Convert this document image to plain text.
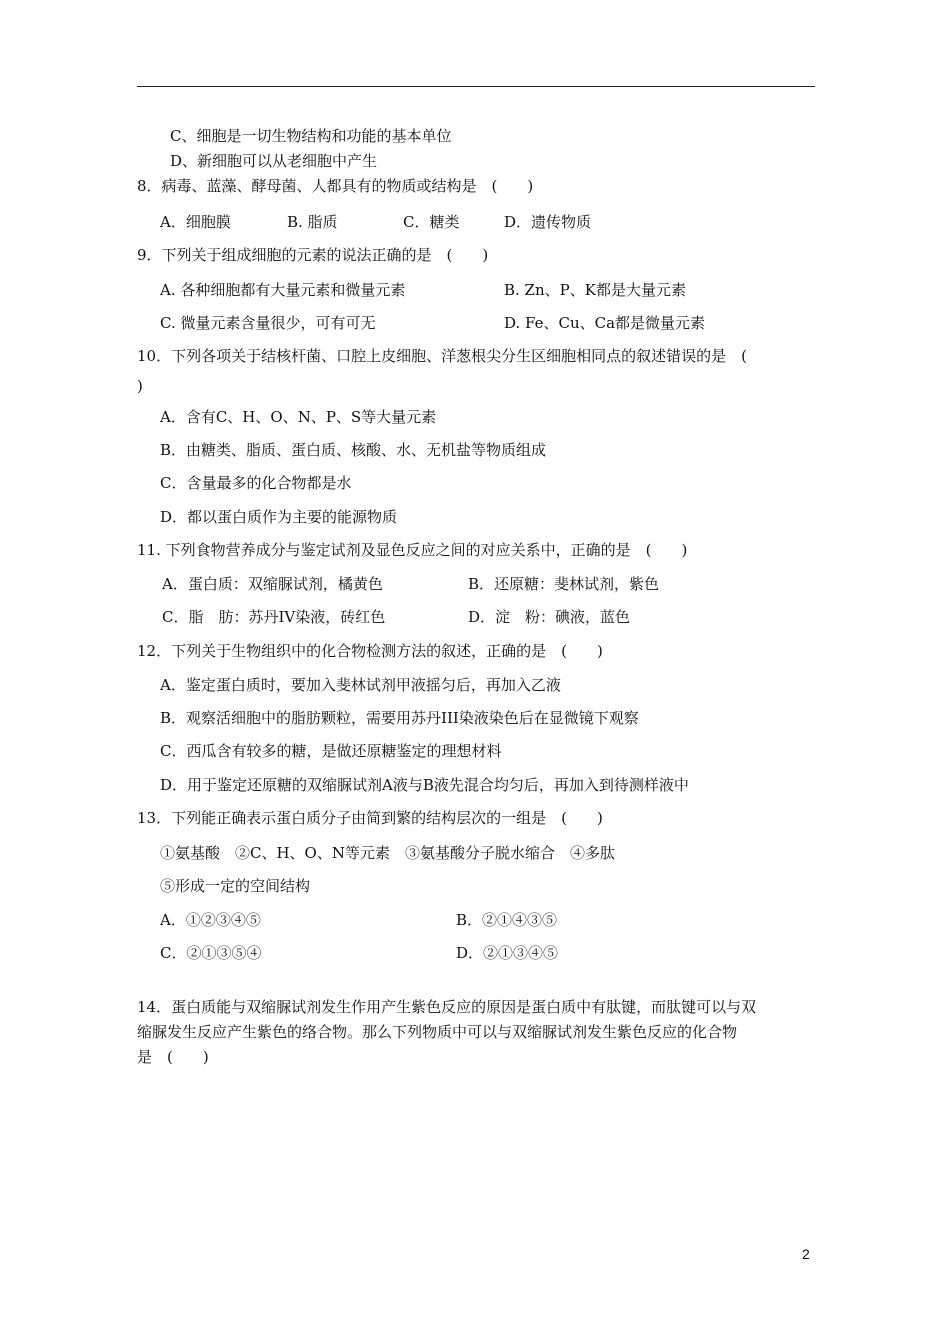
C、细胞是一切生物结构和功能的基本单位
D、新细胞可以从老细胞中产生
8．病毒、蓝藻、酵母菌、人都具有的物质或结构是　(　　)
A．细胞膜	B. 脂质	C．糖类	D．遗传物质
9．下列关于组成细胞的元素的说法正确的是　(　　)
A. 各种细胞都有大量元素和微量元素	B. Zn、P、K都是大量元素
C. 微量元素含量很少，可有可无	D. Fe、Cu、Ca都是微量元素
10．下列各项关于结核杆菌、口腔上皮细胞、洋葱根尖分生区细胞相同点的叙述错误的是　(
)
A．含有C、H、O、N、P、S等大量元素
B．由糖类、脂质、蛋白质、核酸、水、无机盐等物质组成
C．含量最多的化合物都是水
D．都以蛋白质作为主要的能源物质
11. 下列食物营养成分与鉴定试剂及显色反应之间的对应关系中，正确的是　(　　)
A．蛋白质：双缩脲试剂，橘黄色	B．还原糖：斐林试剂，紫色
C．脂　肪：苏丹IV染液，砖红色	D．淀　粉：碘液，蓝色
12．下列关于生物组织中的化合物检测方法的叙述，正确的是　(　　)
A．鉴定蛋白质时，要加入斐林试剂甲液摇匀后，再加入乙液
B．观察活细胞中的脂肪颗粒，需要用苏丹III染液染色后在显微镜下观察
C．西瓜含有较多的糖，是做还原糖鉴定的理想材料
D．用于鉴定还原糖的双缩脲试剂A液与B液先混合均匀后，再加入到待测样液中
13．下列能正确表示蛋白质分子由简到繁的结构层次的一组是　(　　)
①氨基酸　②C、H、O、N等元素　③氨基酸分子脱水缩合　④多肽
⑤形成一定的空间结构
A．①②③④⑤	B．②①④③⑤
C．②①③⑤④	D．②①③④⑤
14．蛋白质能与双缩脲试剂发生作用产生紫色反应的原因是蛋白质中有肽键，而肽键可以与双
缩脲发生反应产生紫色的络合物。那么下列物质中可以与双缩脲试剂发生紫色反应的化合物
是　(　　)
2
